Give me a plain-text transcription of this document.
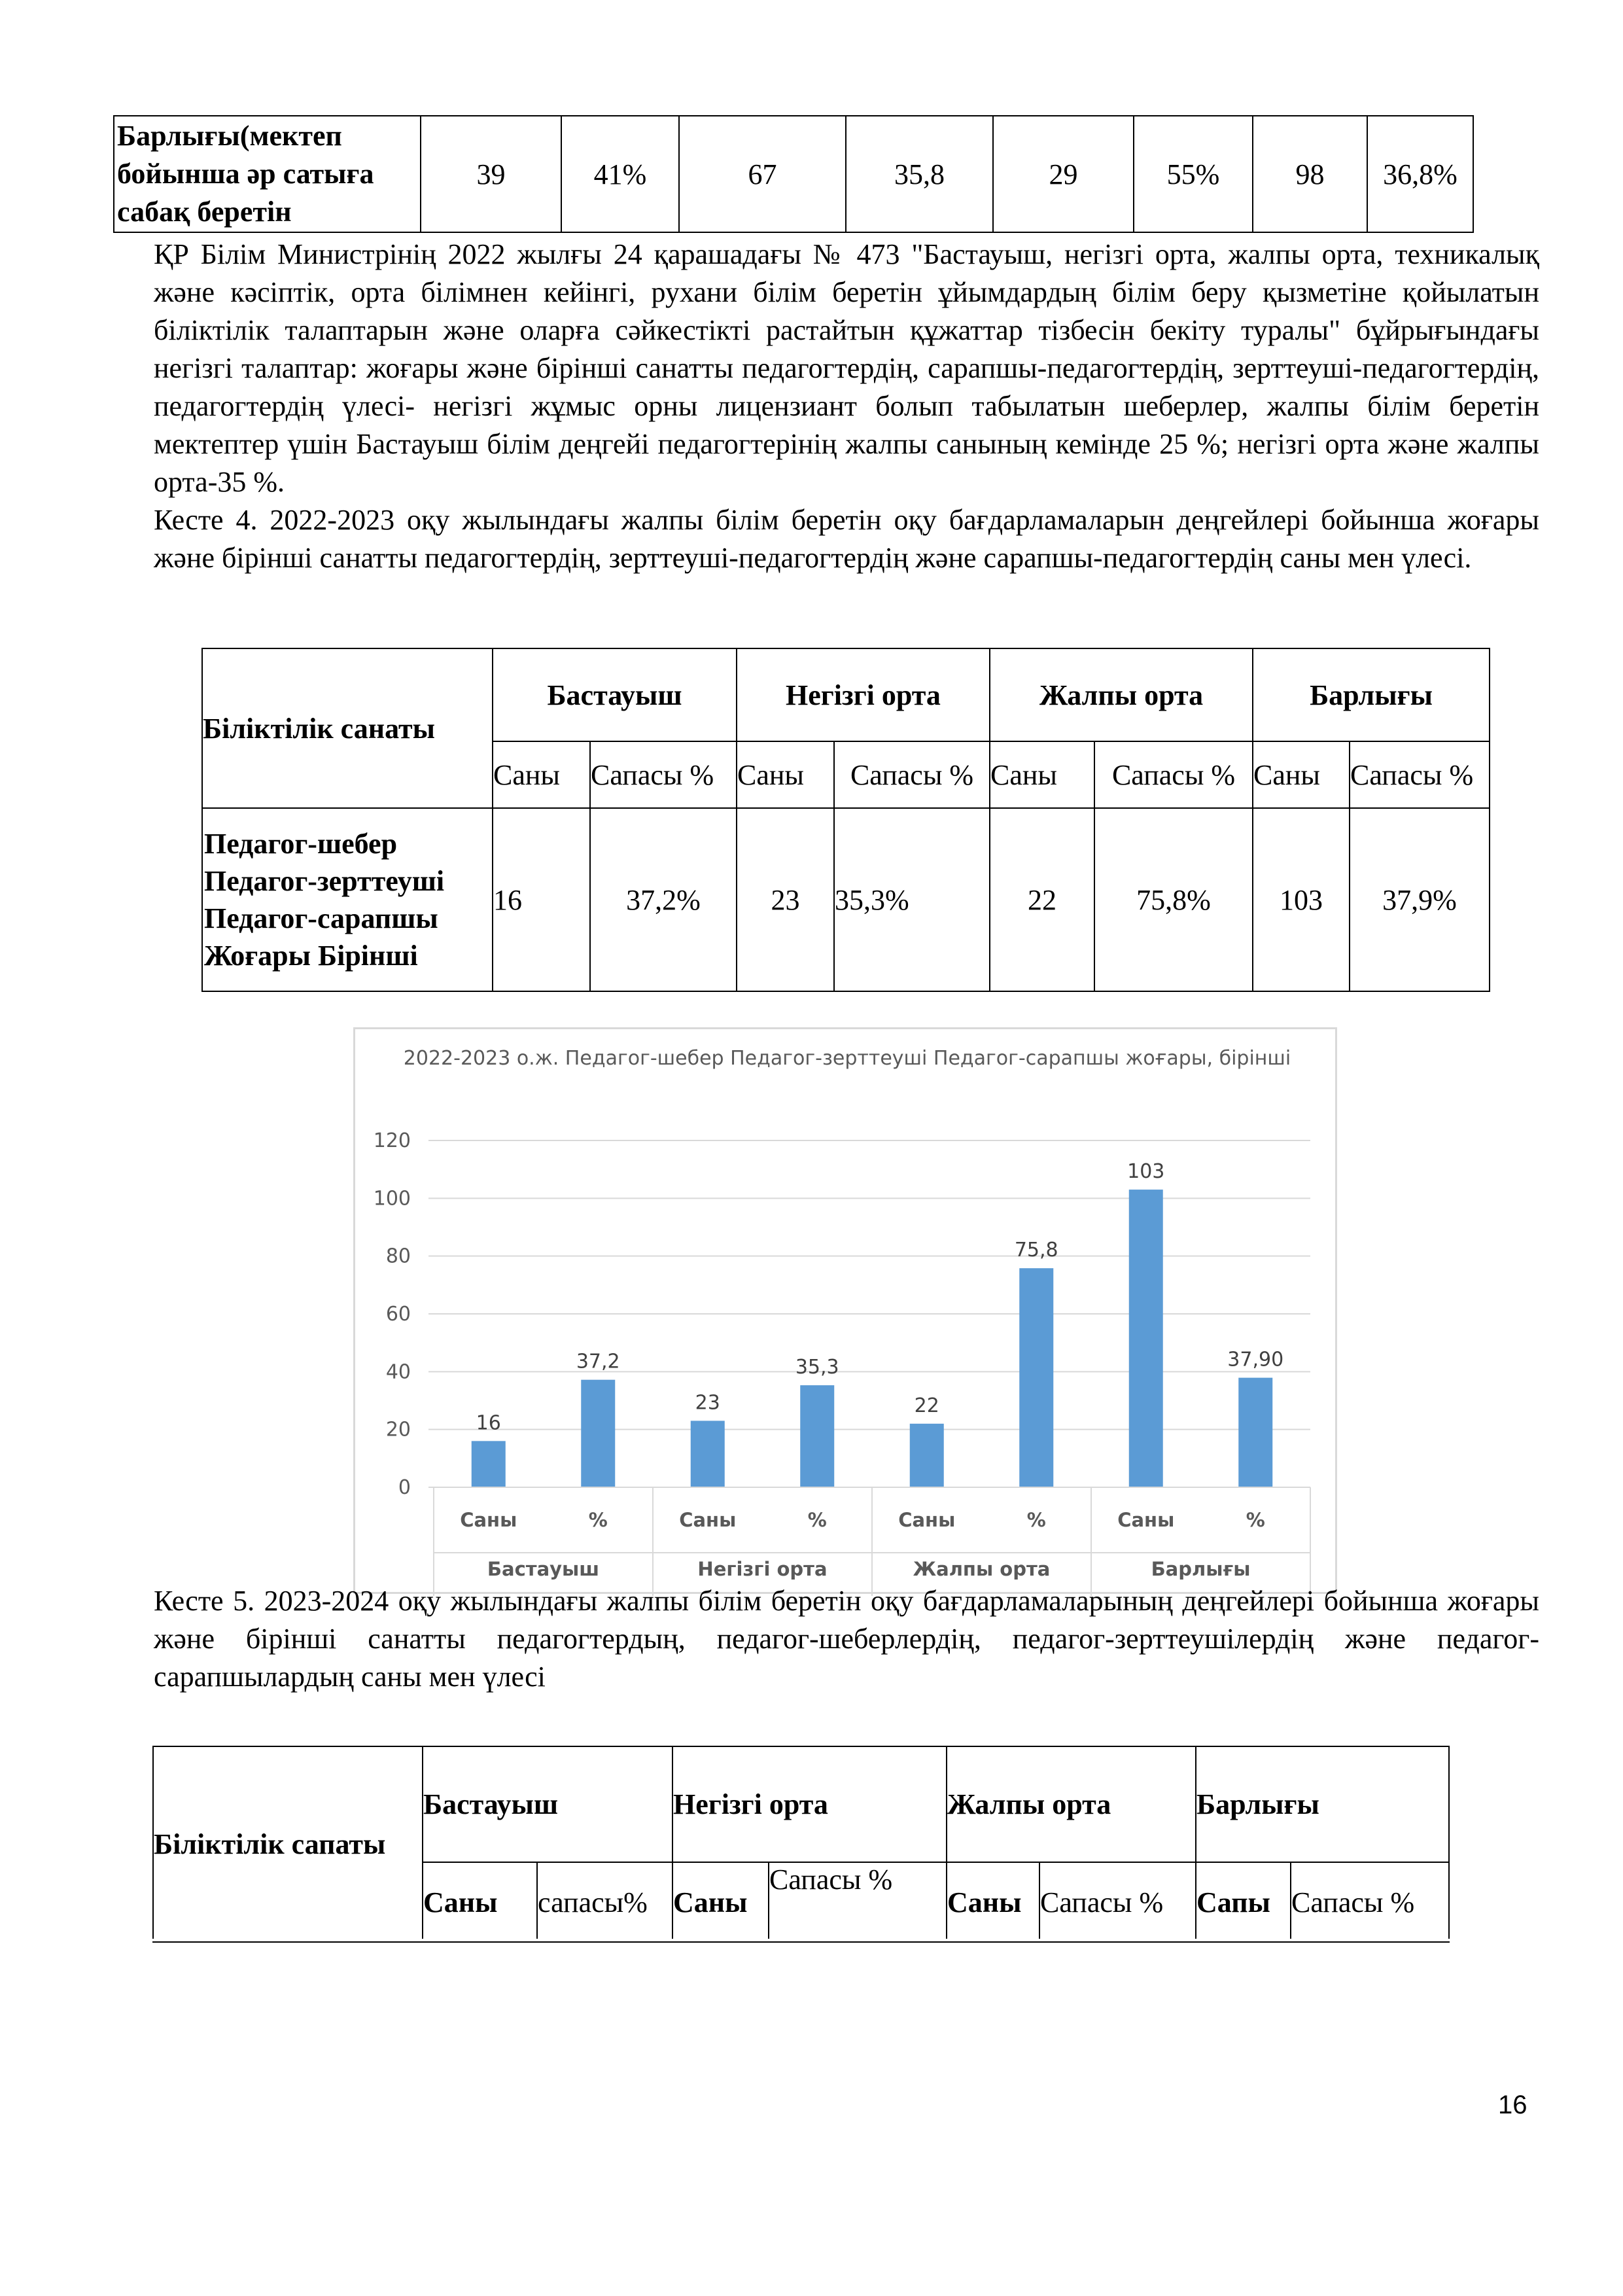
Барлығы(мектеп бойынша әр сатыға сабақ беретін	39	41%	67	35,8	29	55%	98	36,8%
ҚР Білім Министрінің 2022 жылғы 24 қарашадағы № 473 "Бастауыш, негізгі орта, жалпы орта, техникалық және кәсіптік, орта білімнен кейінгі, рухани білім беретін ұйымдардың білім беру қызметіне қойылатын біліктілік талаптарын және оларға сәйкестікті растайтын құжаттар тізбесін бекіту туралы" бұйрығындағы негізгі талаптар: жоғары және бірінші санатты педагогтердің, сарапшы-педагогтердің, зерттеуші-педагогтердің, педагогтердің үлесі- негізгі жұмыс орны лицензиант болып табылатын шеберлер, жалпы білім беретін мектептер үшін Бастауыш білім деңгейі педагогтерінің жалпы санының кемінде 25 %; негізгі орта және жалпы орта-35 %.
Кесте 4. 2022-2023 оқу жылындағы жалпы білім беретін оқу бағдарламаларын деңгейлері бойынша жоғары және бірінші санатты педагогтердің, зерттеуші-педагогтердің және сарапшы-педагогтердің саны мен үлесі.
Біліктілік санаты	Бастауыш		Негізгі орта		Жалпы орта		Барлығы	
	Саны	Сапасы %	Саны	Сапасы %	Саны	Сапасы %	Саны	Сапасы %

Педагог-шебер
Педагог-зерттеуші
Педагог-сарапшы
Жоғары Бірінші	16	37,2%	23	35,3%	22	75,8%	103	37,9%
0
20
40
60
80
100
120
16
Саны
37,2
%
23
Саны
35,3
%
22
Саны
75,8
%
103
Саны
37,90
%
Бастауыш	Негізгі орта	Жалпы орта	Барлығы
2022-2023 о.ж. Педагог-шебер Педагог-зерттеуші Педагог-сарапшы жоғары, бірінші

Кесте 5. 2023-2024 оқу жылындағы жалпы білім беретін оқу бағдарламаларының деңгейлері бойынша жоғары және бірінші санатты педагогтердың, педагог-шеберлердің, педагог-зерттеушілердің және педагог-сарапшылардың саны мен үлесі

Біліктілік сапаты	Бастауыш		Негізгі орта		Жалпы орта		Барлығы	
	Саны	сапасы%	Саны	Сапасы %	Саны	Сапасы %	Сапы	Сапасы %
16
